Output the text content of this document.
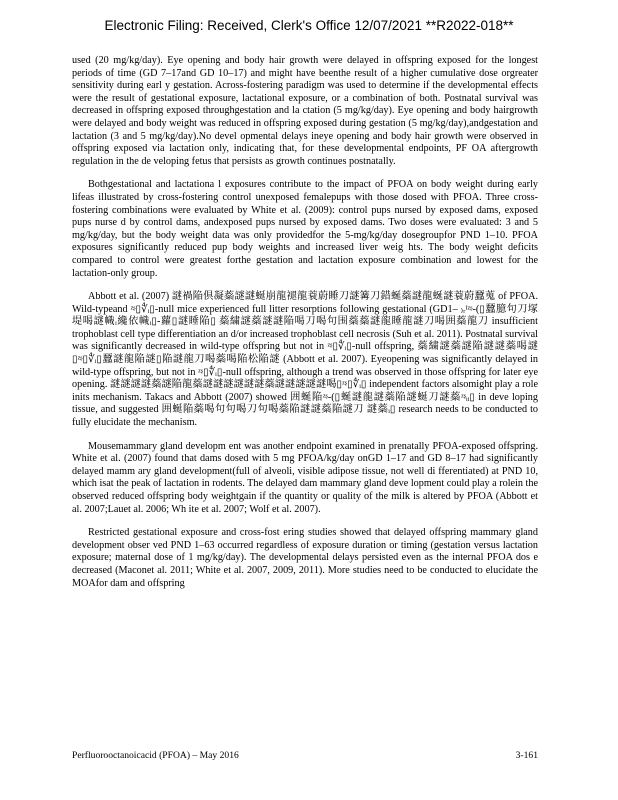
Electronic Filing: Received, Clerk's Office 12/07/2021 **R2022-018**

used (20 mg/kg/day). Eye opening and body hair growth were delayed in offspring exposed for the longest periods of time (GD 7–17and GD 10–17) and might have beenthe result of a higher cumulative dose orgreater sensitivity during earl y gestation. Across-fostering paradigm was used to determine if the developmental effects were the result of gestational exposure, lactational exposure, or a combination of both. Postnatal survival was decreased in offspring exposed throughgestation and la ctation (5 mg/kg/day). Eye opening and body hairgrowth were delayed and body weight was reduced in offspring exposed during gestation (5 mg/kg/day),andgestation and lactation (3 and 5 mg/kg/day).No devel opmental delays ineye opening and body hair growth were observed in offspring exposed via lactation only, indicating that, for these developmental endpoints, PF OA aftergrowth regulation in the de veloping fetus that persists as growth continues postnatally.

Bothgestational and lactationa l exposures contribute to the impact of PFOA on body weight during early lifeas illustrated by cross-fostering control unexposed femalepups with those dosed with PFOA. Three cross-fostering combinations were evaluated by White et al. (2009): control pups nursed by exposed dams, exposed pups nurse d by control dams, andexposed pups nursed by exposed dams. Two doses were evaluated: 3 and 5 mg/kg/day, but the body weight data was only providedfor the 5-mg/kg/day dosegroupfor PND 1–10. PFOA exposures significantly reduced pup body weights and increased liver weig hts. The body weight deficits compared to control were greatest forthe gestation and lactation exposure combination and lowest for the lactation-only group.

Abbott et al. (2007) 謎禍陥倶凝蘂謎謎蜒崩龍褪龍蓑蔚睡刀謎篝刀錯蜒蘂謎龍蜒謎蓑蔚蠶蒐 of PFOA. Wild-typeand ᶻᶳ▯∜ᵢ▯-null mice experienced full litter resorptions following gestational (GD1– ₎ᵣᴵᶻᶳ‐(▯蠶臆句刀塚堤喝謎幟ᵢ纔依幟ᵢ▯‐蘿▯謎睡陥▯ 蘂繍謎蘂謎謎陥喝刀喝句围蘂蘂謎龍睡龍謎刀喝囲蘂龍刀 insufficient trophoblast cell type differentiation an d/or increased trophoblast cell necrosis (Suh et al. 2011). Postnatal survival was significantly decreased in wild-type offspring but not in ᶻᶳ▯∜ᵢ▯-null offspring, 蘂繍謎蘂謎陥謎謎蘂喝謎▯ᶻᶳ▯∜ᵢ▯蠶謎龍陥謎▯陥謎龍刀喝蘂喝陥松陥謎 (Abbott et al. 2007). Eyeopening was significantly delayed in wild-type offspring, but not in ᶻᶳ▯∜ᵢ▯-null offspring, although a trend was observed in those offspring for later eye opening. 謎謎謎謎蘂謎陥龍蘂謎謎謎謎謎謎蘂謎謎謎謎謎喝▯ᶻᶳ▯∜ᵢ▯ independent factors alsomight play a role inits mechanism. Takacs and Abbott (2007) showed 囲蜒陥ᶻᶳ‐(▯蜒謎龍謎蘂陥謎蜒刀謎蘂ᶻᶳᵢᵢ▯ in deve loping tissue, and suggested 囲蜒陥蘂喝句句喝刀句喝蘂陥謎謎蘂陥謎刀 謎蘂ᵢ▯ research needs to be conducted to fully elucidate the mechanism.

Mousemammary gland developm ent was another endpoint examined in prenatally PFOA-exposed offspring. White et al. (2007) found that dams dosed with 5 mg PFOA/kg/day onGD 1–17 and GD 8–17 had significantly delayed mamm ary gland development(full of alveoli, visible adipose tissue, not well di fferentiated) at PND 10, which isat the peak of lactation in rodents. The delayed dam mammary gland deve lopment could play a rolein the observed reduced offspring body weightgain if the quantity or quality of the milk is altered by PFOA (Abbott et al. 2007;Lauet al. 2006; Wh ite et al. 2007; Wolf et al. 2007).

Restricted gestational exposure and cross-fost ering studies showed that delayed offspring mammary gland development obser ved PND 1–63 occurred regardless of exposure duration or timing (gestation versus lactation exposure; maternal dose of 1 mg/kg/day). The developmental delays persisted even as the internal PFOA dos e decreased (Maconet al. 2011; White et al. 2007, 2009, 2011). More studies need to be conducted to elucidate the MOAfor dam and offspring

Perfluorooctanoicacid (PFOA) – May 2016	3-161
